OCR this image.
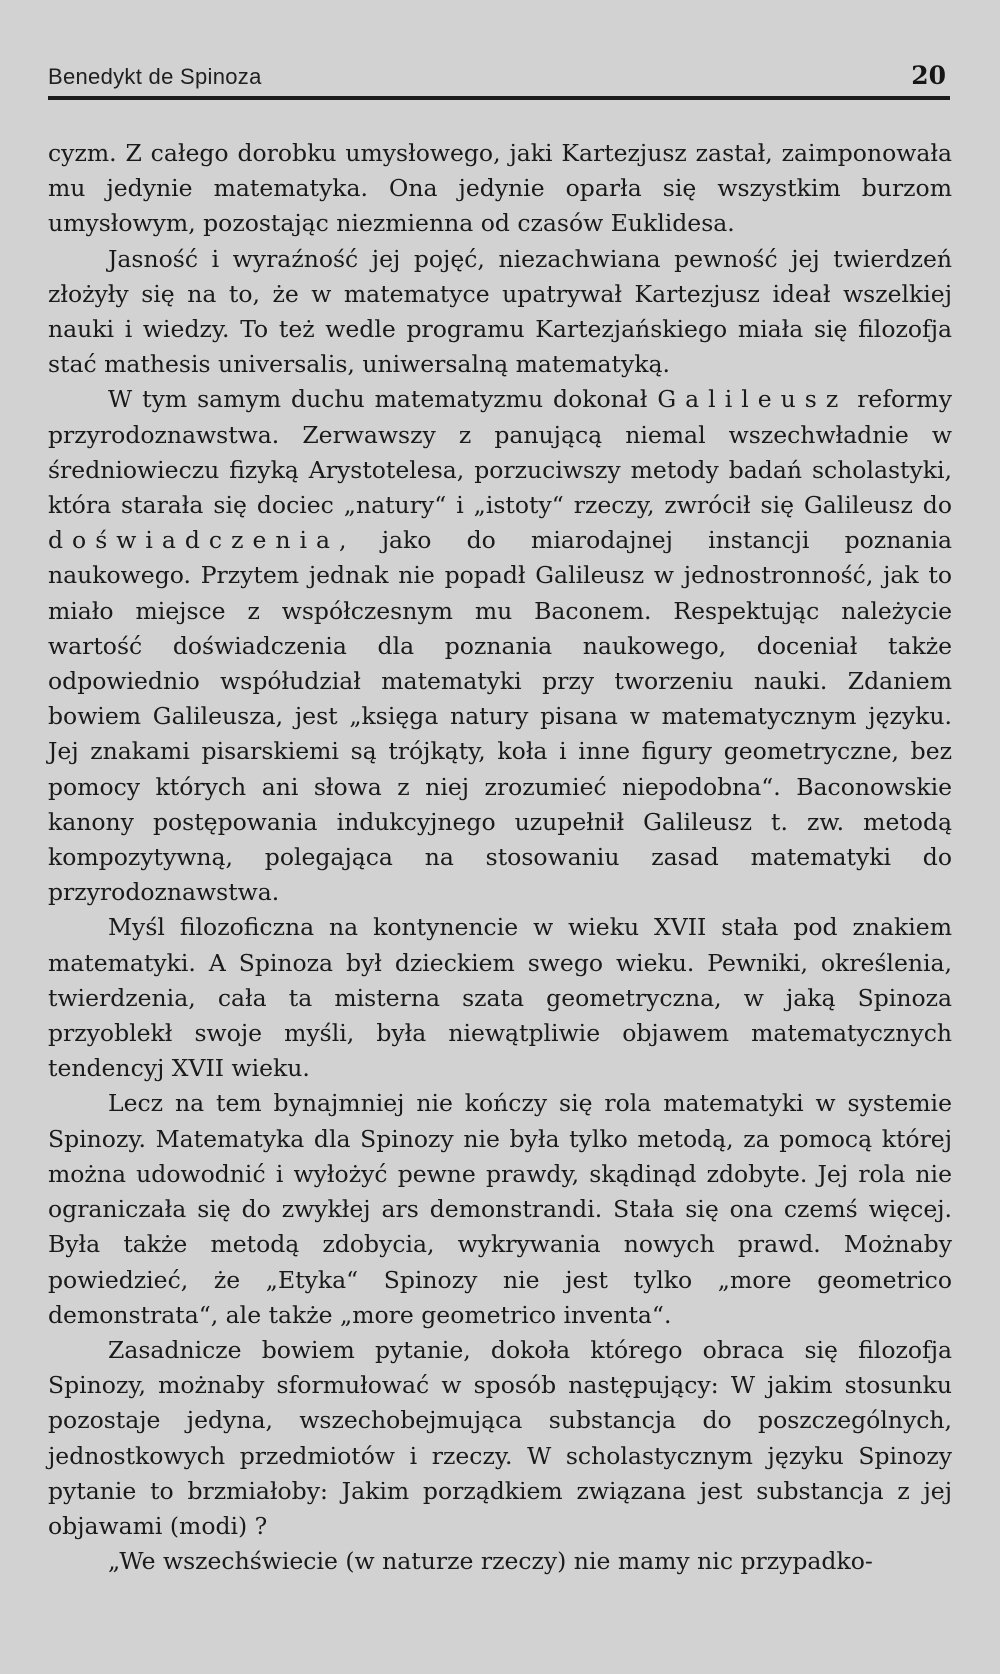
Benedykt de Spinoza	20

cyzm. Z całego dorobku umysłowego, jaki Kartezjusz zastał, zaimponowała mu jedynie matematyka. Ona jedynie oparła się wszystkim burzom umysłowym, pozostając niezmienna od czasów Euklidesa.

Jasność i wyraźność jej pojęć, niezachwiana pewność jej twierdzeń złożyły się na to, że w matematyce upatrywał Kartezjusz ideał wszelkiej nauki i wiedzy. To też wedle programu Kartezjańskiego miała się filozofja stać mathesis universalis, uniwersalną matematyką.

W tym samym duchu matematyzmu dokonał Galileusz reformy przyrodoznawstwa. Zerwawszy z panującą niemal wszechwładnie w średniowieczu fizyką Arystotelesa, porzuciwszy metody badań scholastyki, która starała się dociec „natury“ i „istoty“ rzeczy, zwrócił się Galileusz do doświadczenia, jako do miarodajnej instancji poznania naukowego. Przytem jednak nie popadł Galileusz w jednostronność, jak to miało miejsce z współczesnym mu Baconem. Respektując należycie wartość doświadczenia dla poznania naukowego, doceniał także odpowiednio współudział matematyki przy tworzeniu nauki. Zdaniem bowiem Galileusza, jest „księga natury pisana w matematycznym języku. Jej znakami pisarskiemi są trójkąty, koła i inne figury geometryczne, bez pomocy których ani słowa z niej zrozumieć niepodobna“. Baconowskie kanony postępowania indukcyjnego uzupełnił Galileusz t. zw. metodą kompozytywną, polegająca na stosowaniu zasad matematyki do przyrodoznawstwa.

Myśl filozoficzna na kontynencie w wieku XVII stała pod znakiem matematyki. A Spinoza był dzieckiem swego wieku. Pewniki, określenia, twierdzenia, cała ta misterna szata geometryczna, w jaką Spinoza przyoblekł swoje myśli, była niewątpliwie objawem matematycznych tendencyj XVII wieku.

Lecz na tem bynajmniej nie kończy się rola matematyki w systemie Spinozy. Matematyka dla Spinozy nie była tylko metodą, za pomocą której można udowodnić i wyłożyć pewne prawdy, skądinąd zdobyte. Jej rola nie ograniczała się do zwykłej ars demonstrandi. Stała się ona czemś więcej. Była także metodą zdobycia, wykrywania nowych prawd. Możnaby powiedzieć, że „Etyka“ Spinozy nie jest tylko „more geometrico demonstrata“, ale także „more geometrico inventa“.

Zasadnicze bowiem pytanie, dokoła którego obraca się filozofja Spinozy, możnaby sformułować w sposób następujący: W jakim stosunku pozostaje jedyna, wszechobejmująca substancja do poszczególnych, jednostkowych przedmiotów i rzeczy. W scholastycznym języku Spinozy pytanie to brzmiałoby: Jakim porządkiem związana jest substancja z jej objawami (modi) ?

„We wszechświecie (w naturze rzeczy) nie mamy nic przypadko-
